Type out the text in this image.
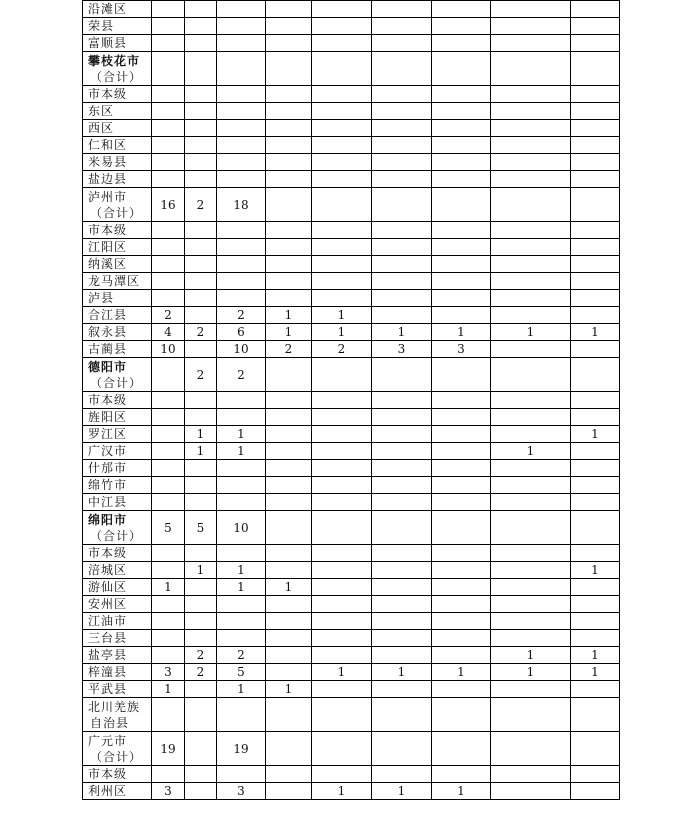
沿滩区									

荣县									

富顺县									

攀枝花市
（合计）									

市本级									

东区									

西区									

仁和区									

米易县									

盐边县									

泸州市
（合计）	16	2	18						

市本级									

江阳区									

纳溪区									

龙马潭区									

泸县									

合江县	2		2	1	1				

叙永县	4	2	6	1	1	1	1	1	1

古蔺县	10		10	2	2	3	3		

德阳市
（合计）		2	2						

市本级									

旌阳区									

罗江区		1	1						1

广汉市		1	1					1	

什邡市									

绵竹市									

中江县									

绵阳市
（合计）	5	5	10						

市本级									

涪城区		1	1						1

游仙区	1		1	1					

安州区									

江油市									

三台县									

盐亭县		2	2					1	1

梓潼县	3	2	5		1	1	1	1	1

平武县	1		1	1					

北川羌族
自治县									

广元市
（合计）	19		19						

市本级									

利州区	3		3		1	1	1		
